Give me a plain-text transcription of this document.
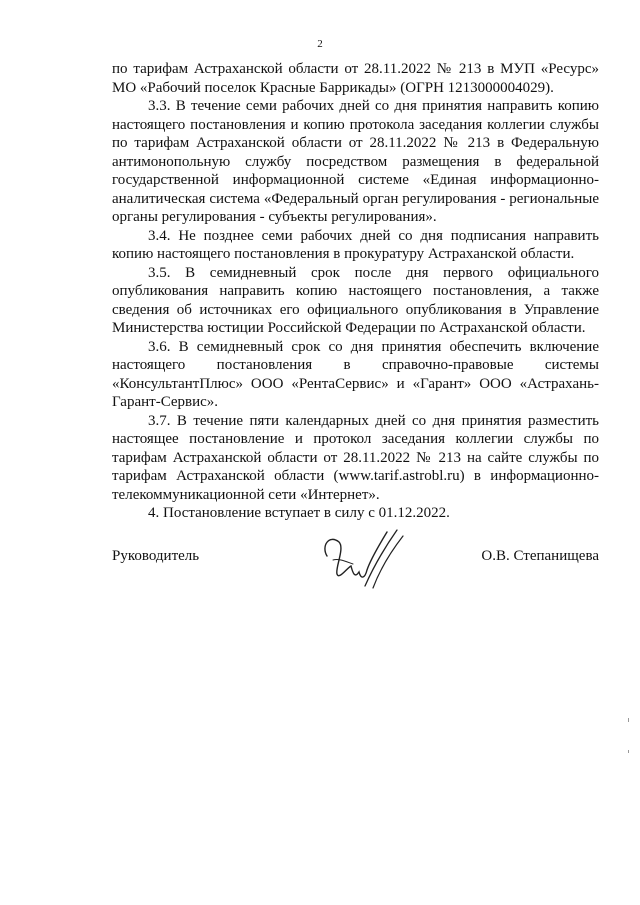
2

по тарифам Астраханской области от 28.11.2022 № 213 в МУП «Ресурс» МО «Рабочий поселок Красные Баррикады» (ОГРН 1213000004029).

3.3. В течение семи рабочих дней со дня принятия направить копию настоящего постановления и копию протокола заседания коллегии службы по тарифам Астраханской области от 28.11.2022 № 213 в Федеральную антимонопольную службу посредством размещения в федеральной государственной информационной системе «Единая информационно-аналитическая система «Федеральный орган регулирования - региональные органы регулирования - субъекты регулирования».

3.4. Не позднее семи рабочих дней со дня подписания направить копию настоящего постановления в прокуратуру Астраханской области.

3.5. В семидневный срок после дня первого официального опубликования направить копию настоящего постановления, а также сведения об источниках его официального опубликования в Управление Министерства юстиции Российской Федерации по Астраханской области.

3.6. В семидневный срок со дня принятия обеспечить включение настоящего постановления в справочно-правовые системы «КонсультантПлюс» ООО «РентаСервис» и «Гарант» ООО «Астрахань-Гарант-Сервис».

3.7. В течение пяти календарных дней со дня принятия разместить настоящее постановление и протокол заседания коллегии службы по тарифам Астраханской области от 28.11.2022 № 213 на сайте службы по тарифам Астраханской области (www.tarif.astrobl.ru) в информационно-телекоммуникационной сети «Интернет».

4. Постановление вступает в силу с 01.12.2022.

Руководитель	О.В. Степанищева
